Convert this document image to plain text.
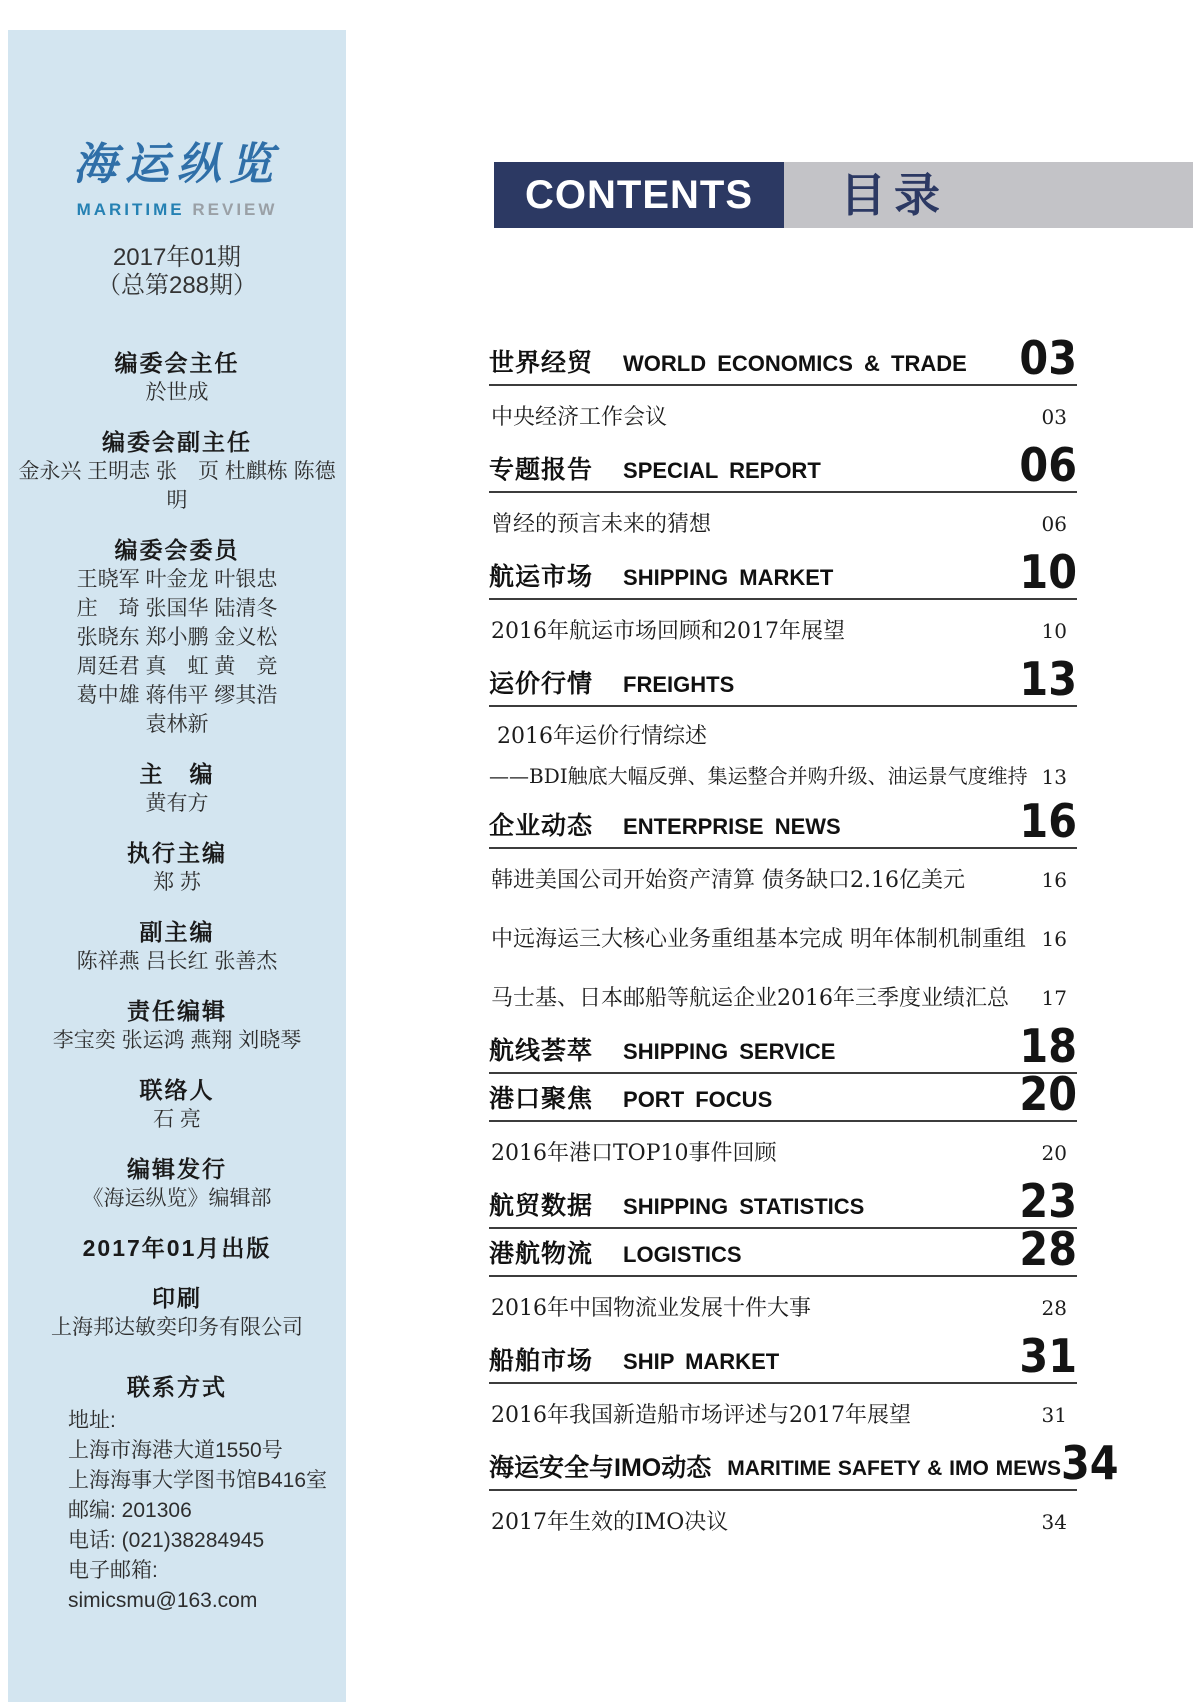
海运纵览
MARITIME REVIEW
2017年01期
（总第288期）
编委会主任
於世成
编委会副主任
金永兴 王明志 张　页 杜麒栋 陈德明
编委会委员
王晓军 叶金龙 叶银忠
庄　琦 张国华 陆清冬
张晓东 郑小鹏 金义松
周廷君 真　虹 黄　竞
葛中雄 蒋伟平 缪其浩
袁林新
主　编
黄有方
执行主编
郑 苏
副主编
陈祥燕 吕长红 张善杰
责任编辑
李宝奕 张运鸿 燕翔 刘晓琴
联络人
石 亮
编辑发行
《海运纵览》编辑部
2017年01月出版
印刷
上海邦达敏奕印务有限公司
联系方式
地址:
上海市海港大道1550号
上海海事大学图书馆B416室
邮编: 201306
电话: (021)38284945
电子邮箱:
simicsmu@163.com
CONTENTS	目录
世界经贸 WORLD ECONOMICS & TRADE 03
中央经济工作会议	03
专题报告 SPECIAL REPORT	06
曾经的预言未来的猜想	06
航运市场 SHIPPING MARKET	10
2016年航运市场回顾和2017年展望	10
运价行情 FREIGHTS	13
2016年运价行情综述
——BDI触底大幅反弹、集运整合并购升级、油运景气度维持 13
企业动态 ENTERPRISE NEWS	16
韩进美国公司开始资产清算 债务缺口2.16亿美元	16
中远海运三大核心业务重组基本完成 明年体制机制重组 16
马士基、日本邮船等航运企业2016年三季度业绩汇总 17
航线荟萃 SHIPPING SERVICE	18
港口聚焦 PORT FOCUS	20
2016年港口TOP10事件回顾	20
航贸数据 SHIPPING STATISTICS	23
港航物流 LOGISTICS	28
2016年中国物流业发展十件大事	28
船舶市场 SHIP MARKET	31
2016年我国新造船市场评述与2017年展望	31
海运安全与IMO动态 MARITIME SAFETY & IMO MEWS 34
2017年生效的IMO决议	34
